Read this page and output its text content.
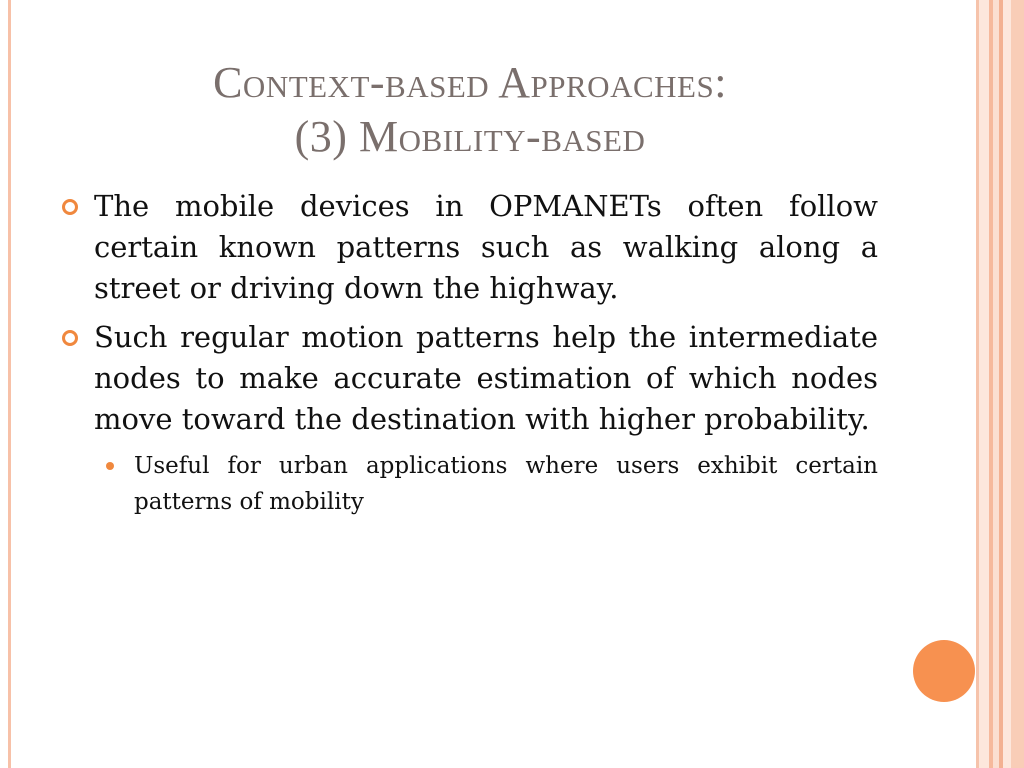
Context-based Approaches:
(3) Mobility-based
The mobile devices in OPMANETs often follow certain known patterns such as walking along a street or driving down the highway.
Such regular motion patterns help the intermediate nodes to make accurate estimation of which nodes move toward the destination with higher probability.
Useful for urban applications where users exhibit certain patterns of mobility
